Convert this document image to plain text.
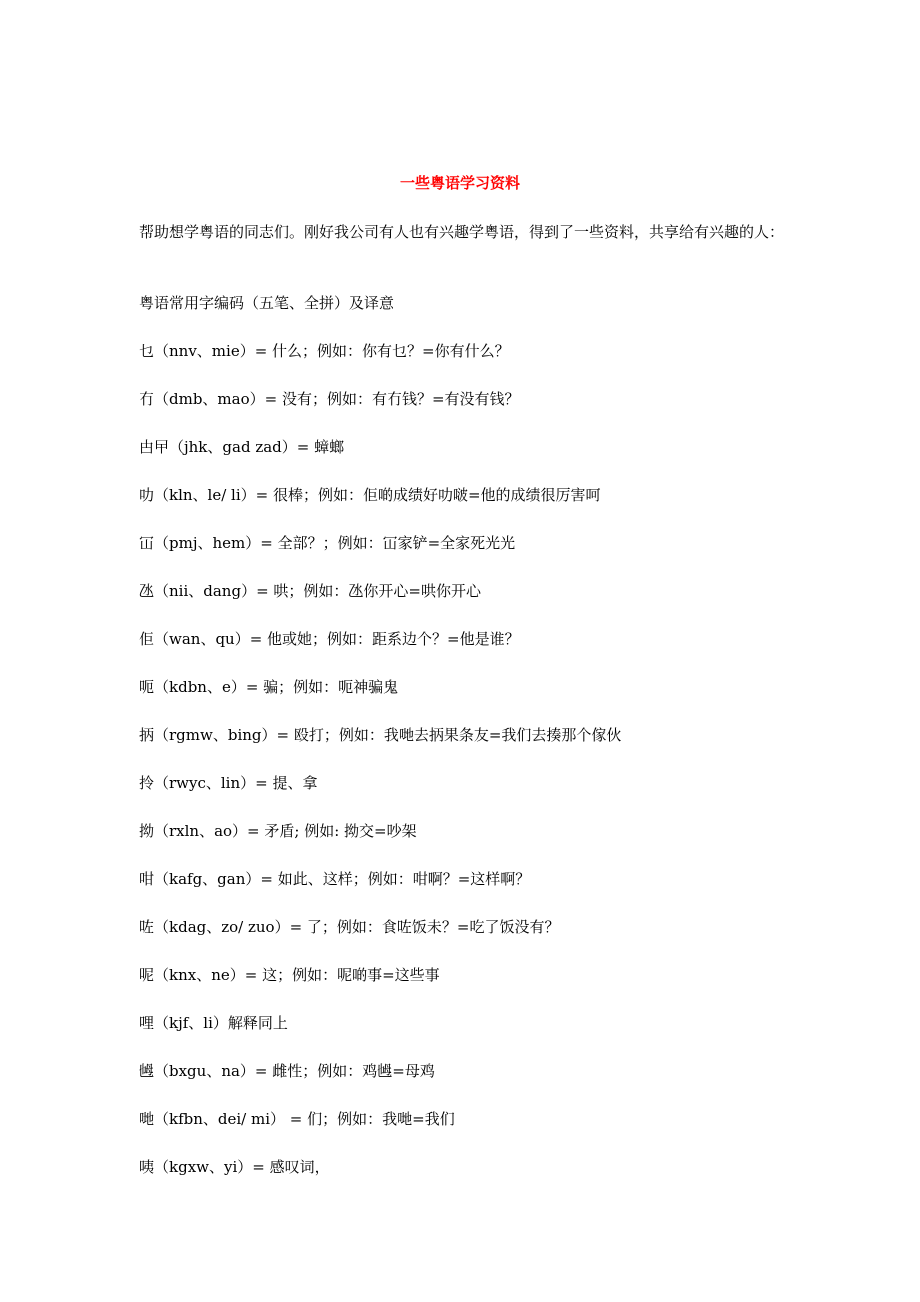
一些粤语学习资料
帮助想学粤语的同志们。刚好我公司有人也有兴趣学粤语，得到了一些资料，共享给有兴趣的人：
粤语常用字编码（五笔、全拼）及译意
乜（nnv、mie）= 什么；例如：你有乜？=你有什么？
冇（dmb、mao）= 没有；例如：有冇钱？=有没有钱？
甴曱（jhk、gad zad）= 蟑螂
叻（kln、le/ li）= 很棒；例如：佢啲成绩好叻啵=他的成绩很厉害呵
冚（pmj、hem）= 全部？；例如：冚家铲=全家死光光
氹（nii、dang）= 哄；例如：氹你开心=哄你开心
佢（wan、qu）= 他或她；例如：距系边个？=他是谁？
呃（kdbn、e）= 骗；例如：呃神骗鬼
抦（rgmw、bing）= 殴打；例如：我哋去抦果条友=我们去揍那个傢伙
拎（rwyc、lin）= 提、拿
拗（rxln、ao）= 矛盾; 例如: 拗交=吵架
咁（kafg、gan）= 如此、这样；例如：咁啊？=这样啊？
咗（kdag、zo/ zuo）= 了；例如：食咗饭未？=吃了饭没有？
呢（knx、ne）= 这；例如：呢啲事=这些事
哩（kjf、li）解释同上
乸（bxgu、na）= 雌性；例如：鸡乸=母鸡
哋（kfbn、dei/ mi） = 们；例如：我哋=我们
咦（kgxw、yi）= 感叹词，
